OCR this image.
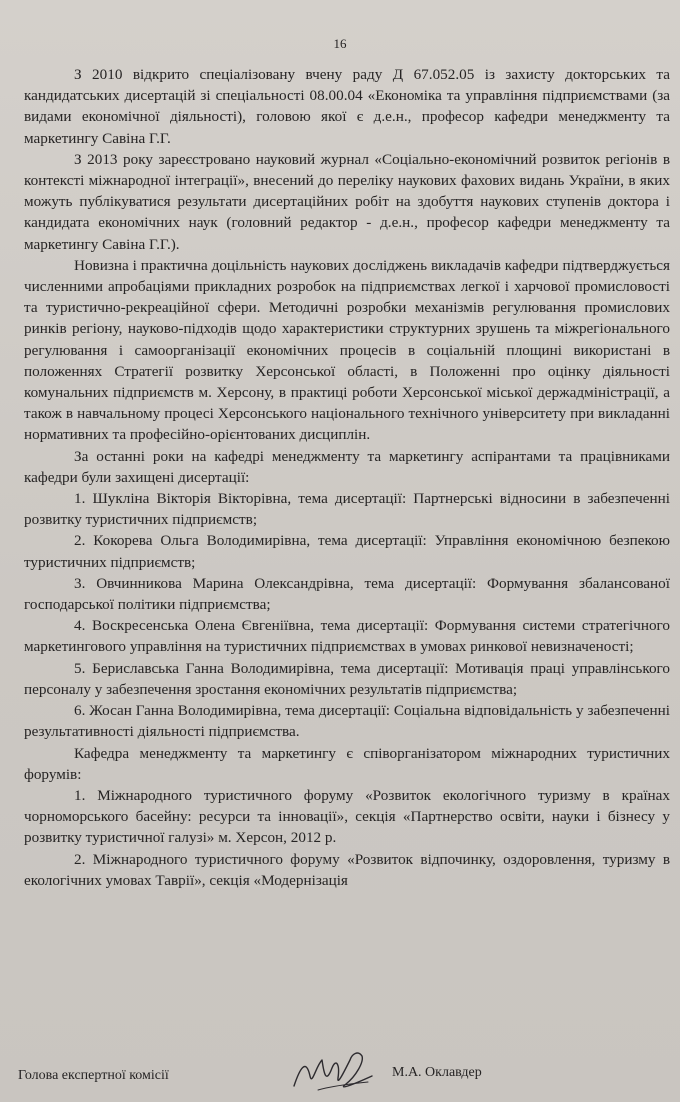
16

З 2010 відкрито спеціалізовану вчену раду Д 67.052.05 із захисту докторських та кандидатських дисертацій зі спеціальності 08.00.04 «Економіка та управління підприємствами (за видами економічної діяльності), головою якої є д.е.н., професор кафедри менеджменту та маркетингу Савіна Г.Г.

З 2013 року зареєстровано науковий журнал «Соціально-економічний розвиток регіонів в контексті міжнародної інтеграції», внесений до переліку наукових фахових видань України, в яких можуть публікуватися результати дисертаційних робіт на здобуття наукових ступенів доктора і кандидата економічних наук (головний редактор - д.е.н., професор кафедри менеджменту та маркетингу Савіна Г.Г.).

Новизна і практична доцільність наукових досліджень викладачів кафедри підтверджується численними апробаціями прикладних розробок на підприємствах легкої і харчової промисловості та туристично-рекреаційної сфери. Методичні розробки механізмів регулювання промислових ринків регіону, науково-підходів щодо характеристики структурних зрушень та міжрегіонального регулювання і самоорганізації економічних процесів в соціальній площині використані в положеннях Стратегії розвитку Херсонської області, в Положенні про оцінку діяльності комунальних підприємств м. Херсону, в практиці роботи Херсонської міської держадміністрації, а також в навчальному процесі Херсонського національного технічного університету при викладанні нормативних та професійно-орієнтованих дисциплін.

За останні роки на кафедрі менеджменту та маркетингу аспірантами та працівниками кафедри були захищені дисертації:

1. Шукліна Вікторія Вікторівна, тема дисертації: Партнерські відносини в забезпеченні розвитку туристичних підприємств;

2. Кокорева Ольга Володимирівна, тема дисертації: Управління економічною безпекою туристичних підприємств;

3. Овчинникова Марина Олександрівна, тема дисертації: Формування збалансованої господарської політики підприємства;

4. Воскресенська Олена Євгеніївна, тема дисертації: Формування системи стратегічного маркетингового управління на туристичних підприємствах в умовах ринкової невизначеності;

5. Бериславська Ганна Володимирівна, тема дисертації: Мотивація праці управлінського персоналу у забезпечення зростання економічних результатів підприємства;

6. Жосан Ганна Володимирівна, тема дисертації: Соціальна відповідальність у забезпеченні результативності діяльності підприємства.

Кафедра менеджменту та маркетингу є співорганізатором міжнародних туристичних форумів:

1. Міжнародного туристичного форуму «Розвиток екологічного туризму в країнах чорноморського басейну: ресурси та інновації», секція «Партнерство освіти, науки і бізнесу у розвитку туристичної галузі» м. Херсон, 2012 р.

2. Міжнародного туристичного форуму «Розвиток відпочинку, оздоровлення, туризму в екологічних умовах Таврії», секція «Модернізація

Голова експертної комісії	М.А. Оклавдер
